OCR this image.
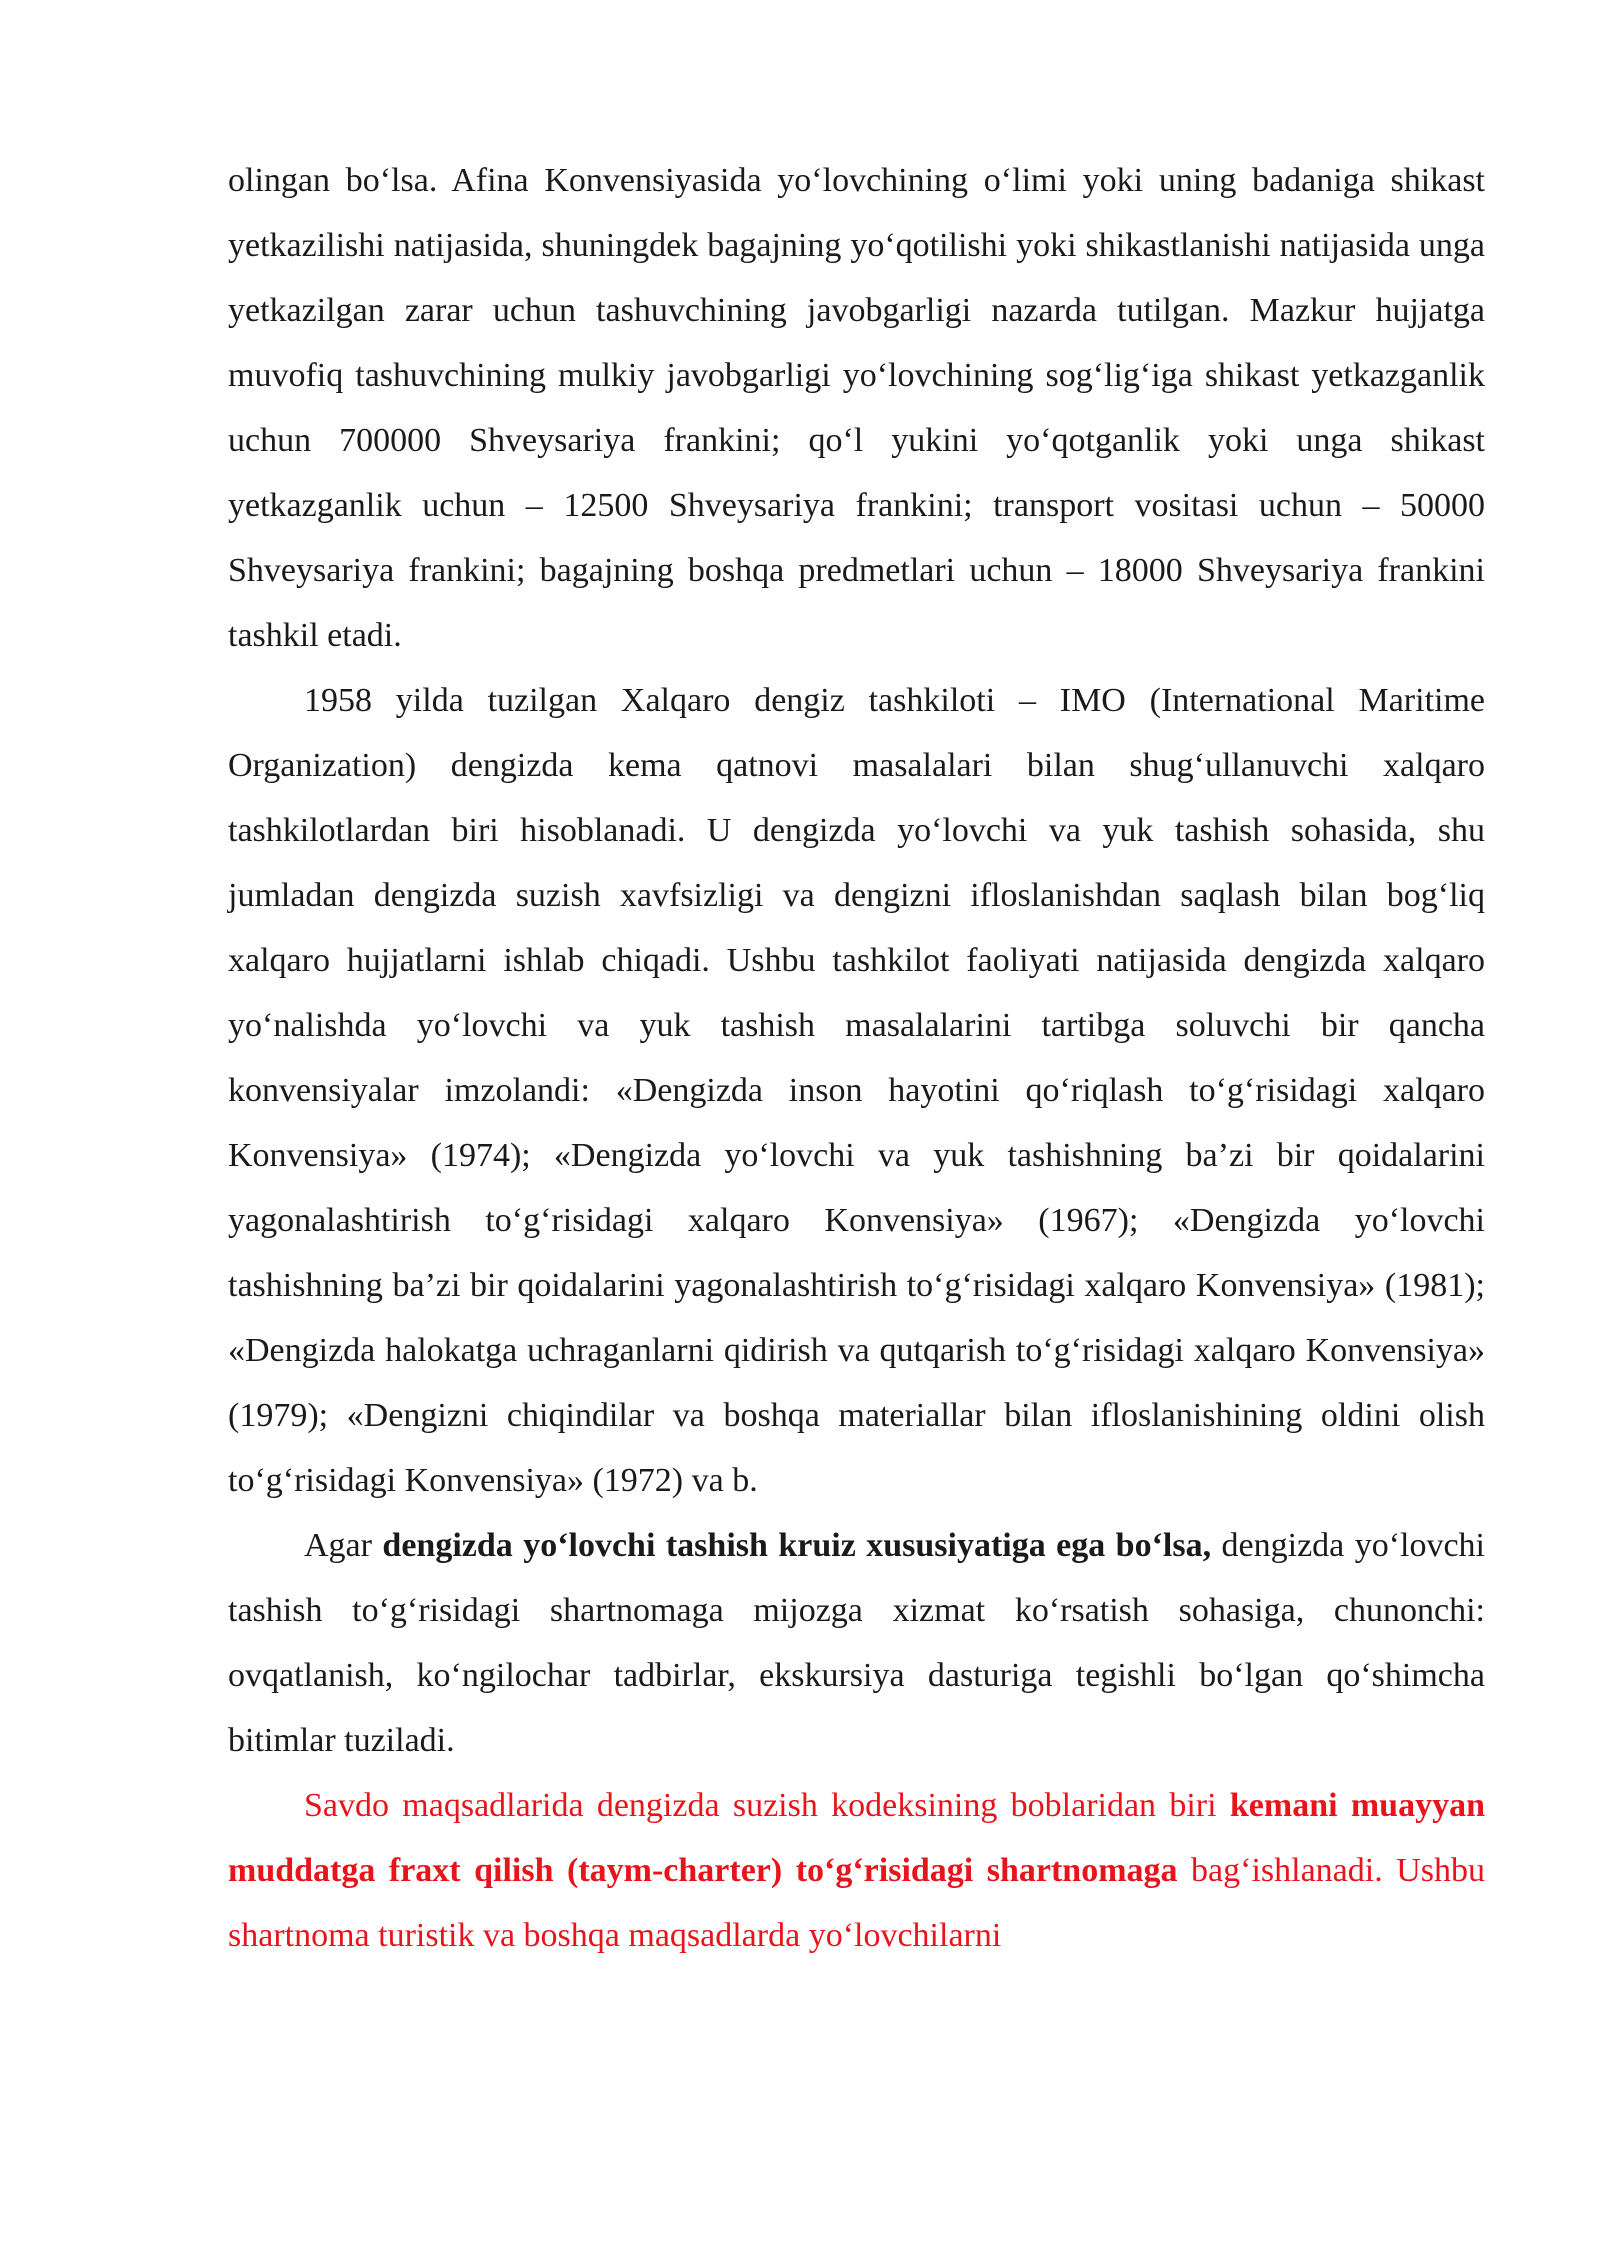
olingan bo‘lsa. Afina Konvensiyasida yo‘lovchining o‘limi yoki uning badaniga shikast yetkazilishi natijasida, shuningdek bagajning yo‘qotilishi yoki shikastlanishi natijasida unga yetkazilgan zarar uchun tashuvchining javobgarligi nazarda tutilgan. Mazkur hujjatga muvofiq tashuvchining mulkiy javobgarligi yo‘lovchining sog‘lig‘iga shikast yetkazganlik uchun 700000 Shveysariya frankini; qo‘l yukini yo‘qotganlik yoki unga shikast yetkazganlik uchun – 12500 Shveysariya frankini; transport vositasi uchun – 50000 Shveysariya frankini; bagajning boshqa predmetlari uchun – 18000 Shveysariya frankini tashkil etadi.

1958 yilda tuzilgan Xalqaro dengiz tashkiloti – IMO (International Maritime Organization) dengizda kema qatnovi masalalari bilan shug‘ullanuvchi xalqaro tashkilotlardan biri hisoblanadi. U dengizda yo‘lovchi va yuk tashish sohasida, shu jumladan dengizda suzish xavfsizligi va dengizni ifloslanishdan saqlash bilan bog‘liq xalqaro hujjatlarni ishlab chiqadi. Ushbu tashkilot faoliyati natijasida dengizda xalqaro yo‘nalishda yo‘lovchi va yuk tashish masalalarini tartibga soluvchi bir qancha konvensiyalar imzolandi: «Dengizda inson hayotini qo‘riqlash to‘g‘risidagi xalqaro Konvensiya» (1974); «Dengizda yo‘lovchi va yuk tashishning ba’zi bir qoidalarini yagonalashtirish to‘g‘risidagi xalqaro Konvensiya» (1967); «Dengizda yo‘lovchi tashishning ba’zi bir qoidalarini yagonalashtirish to‘g‘risidagi xalqaro Konvensiya» (1981); «Dengizda halokatga uchraganlarni qidirish va qutqarish to‘g‘risidagi xalqaro Konvensiya» (1979); «Dengizni chiqindilar va boshqa materiallar bilan ifloslanishining oldini olish to‘g‘risidagi Konvensiya» (1972) va b.

Agar dengizda yo‘lovchi tashish kruiz xususiyatiga ega bo‘lsa, dengizda yo‘lovchi tashish to‘g‘risidagi shartnomaga mijozga xizmat ko‘rsatish sohasiga, chunonchi: ovqatlanish, ko‘ngilochar tadbirlar, ekskursiya dasturiga tegishli bo‘lgan qo‘shimcha bitimlar tuziladi.

Savdo maqsadlarida dengizda suzish kodeksining boblaridan biri kemani muayyan muddatga fraxt qilish (taym-charter) to‘g‘risidagi shartnomaga bag‘ishlanadi. Ushbu shartnoma turistik va boshqa maqsadlarda yo‘lovchilarni
